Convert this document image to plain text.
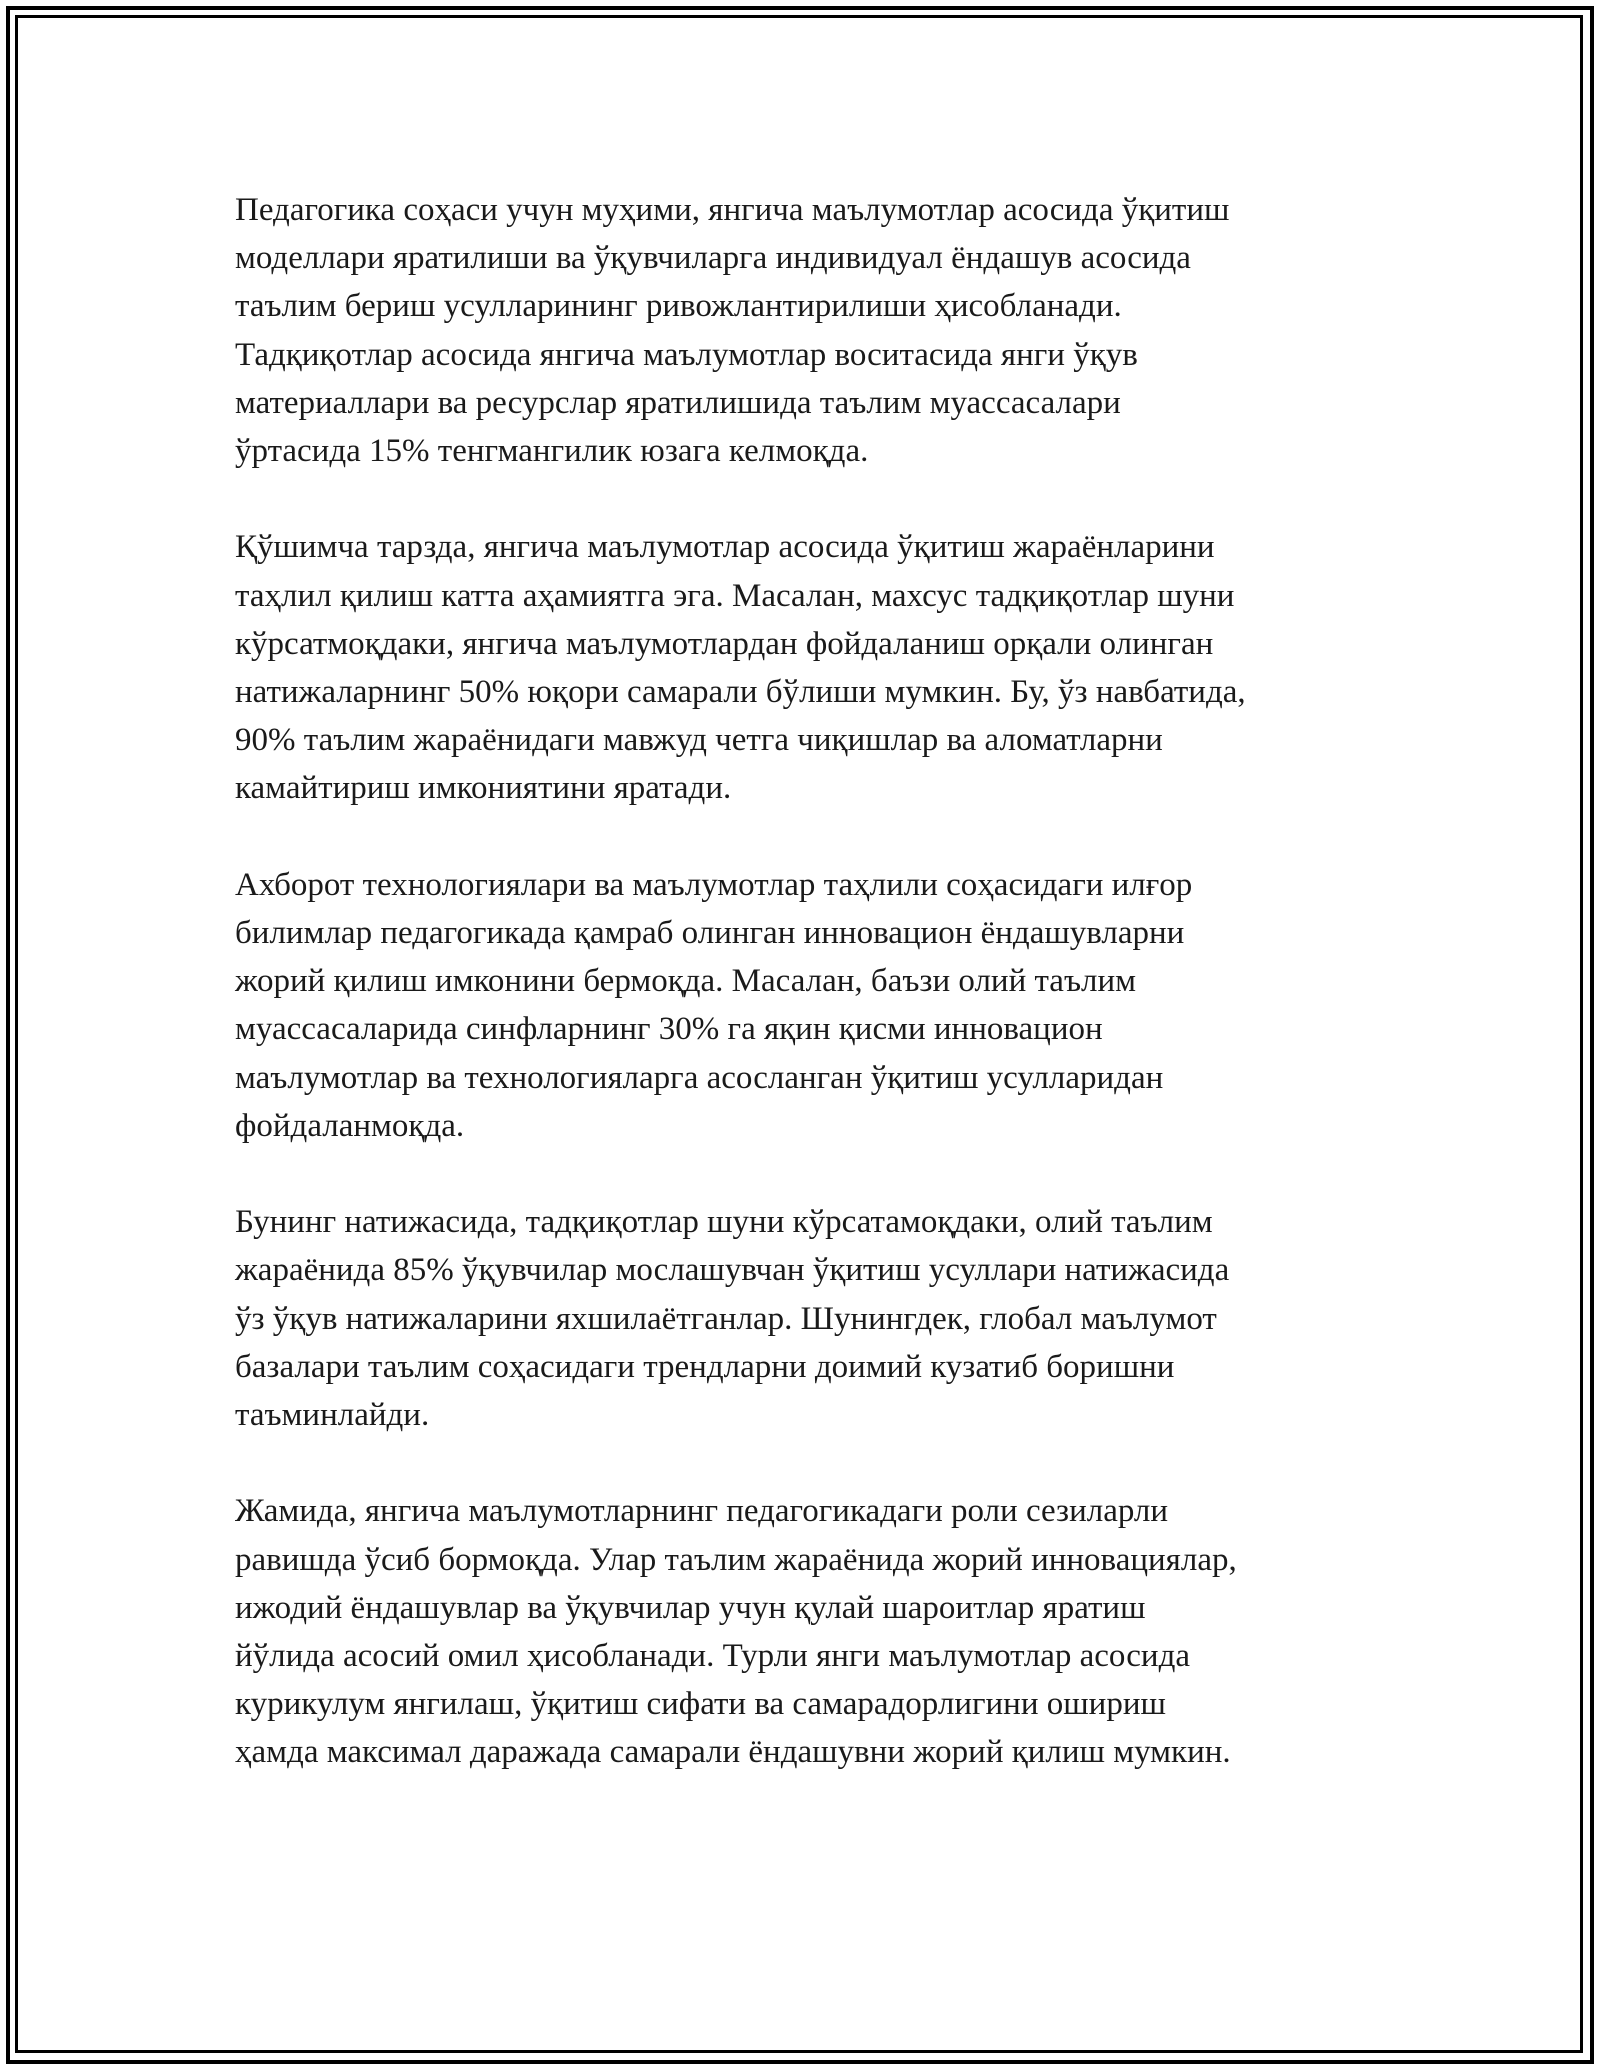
Педагогика соҳаси учун муҳими, янгича маълумотлар асосида ўқитиш
моделлари яратилиши ва ўқувчиларга индивидуал ёндашув асосида
таълим бериш усулларининг ривожлантирилиши ҳисобланади.
Тадқиқотлар асосида янгича маълумотлар воситасида янги ўқув
материаллари ва ресурслар яратилишида таълим муассасалари
ўртасида 15% тенгмангилик юзага келмоқда.

Қўшимча тарзда, янгича маълумотлар асосида ўқитиш жараёнларини
таҳлил қилиш катта аҳамиятга эга. Масалан, махсус тадқиқотлар шуни
кўрсатмоқдаки, янгича маълумотлардан фойдаланиш орқали олинган
натижаларнинг 50% юқори самарали бўлиши мумкин. Бу, ўз навбатида,
90% таълим жараёнидаги мавжуд четга чиқишлар ва аломатларни
камайтириш имкониятини яратади.

Ахборот технологиялари ва маълумотлар таҳлили соҳасидаги илғор
билимлар педагогикада қамраб олинган инновацион ёндашувларни
жорий қилиш имконини бермоқда. Масалан, баъзи олий таълим
муассасаларида синфларнинг 30% га яқин қисми инновацион
маълумотлар ва технологияларга асосланган ўқитиш усулларидан
фойдаланмоқда.

Бунинг натижасида, тадқиқотлар шуни кўрсатамоқдаки, олий таълим
жараёнида 85% ўқувчилар мослашувчан ўқитиш усуллари натижасида
ўз ўқув натижаларини яхшилаётганлар. Шунингдек, глобал маълумот
базалари таълим соҳасидаги трендларни доимий кузатиб боришни
таъминлайди.

Жамида, янгича маълумотларнинг педагогикадаги роли сезиларли
равишда ўсиб бормоқда. Улар таълим жараёнида жорий инновациялар,
ижодий ёндашувлар ва ўқувчилар учун қулай шароитлар яратиш
йўлида асосий омил ҳисобланади. Турли янги маълумотлар асосида
курикулум янгилаш, ўқитиш сифати ва самарадорлигини ошириш
ҳамда максимал даражада самарали ёндашувни жорий қилиш мумкин.
